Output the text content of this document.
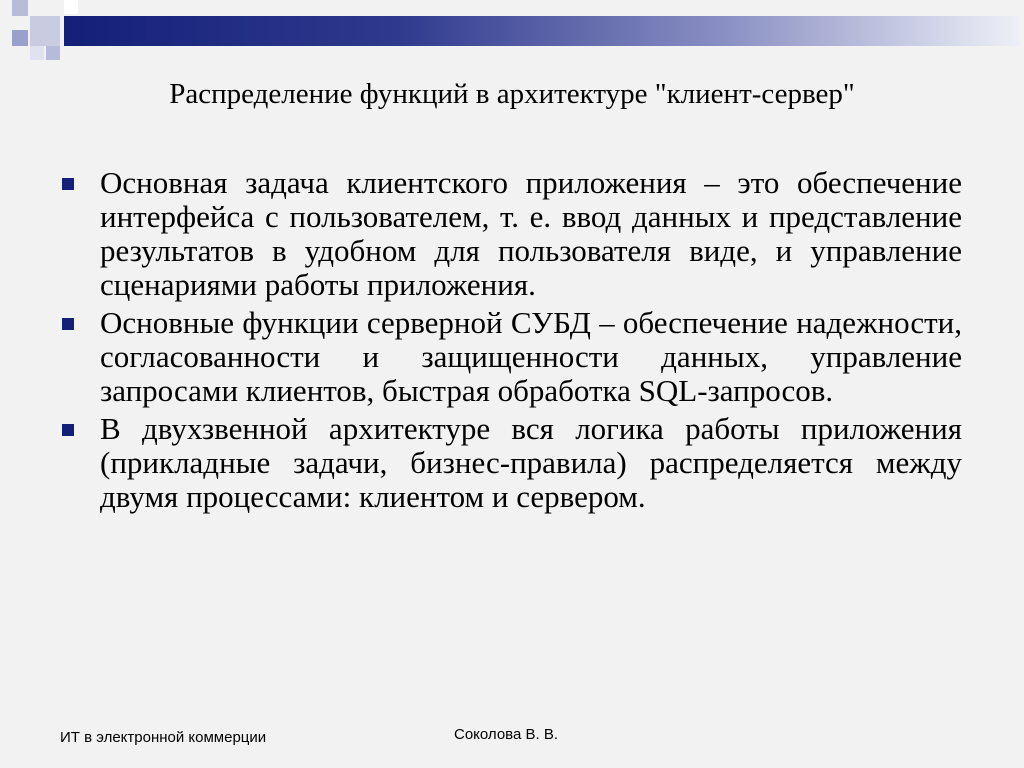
Распределение функций в архитектуре "клиент-сервер"
Основная задача клиентского приложения – это обеспечение интерфейса с пользователем, т. е. ввод данных и представление результатов в удобном для пользователя виде, и управление сценариями работы приложения.
Основные функции серверной СУБД – обеспечение надежности, согласованности и защищенности данных, управление запросами клиентов, быстрая обработка SQL-запросов.
В двухзвенной архитектуре вся логика работы приложения (прикладные задачи, бизнес-правила) распределяется между двумя процессами: клиентом и сервером.
ИТ в электронной коммерции	Соколова В. В.
